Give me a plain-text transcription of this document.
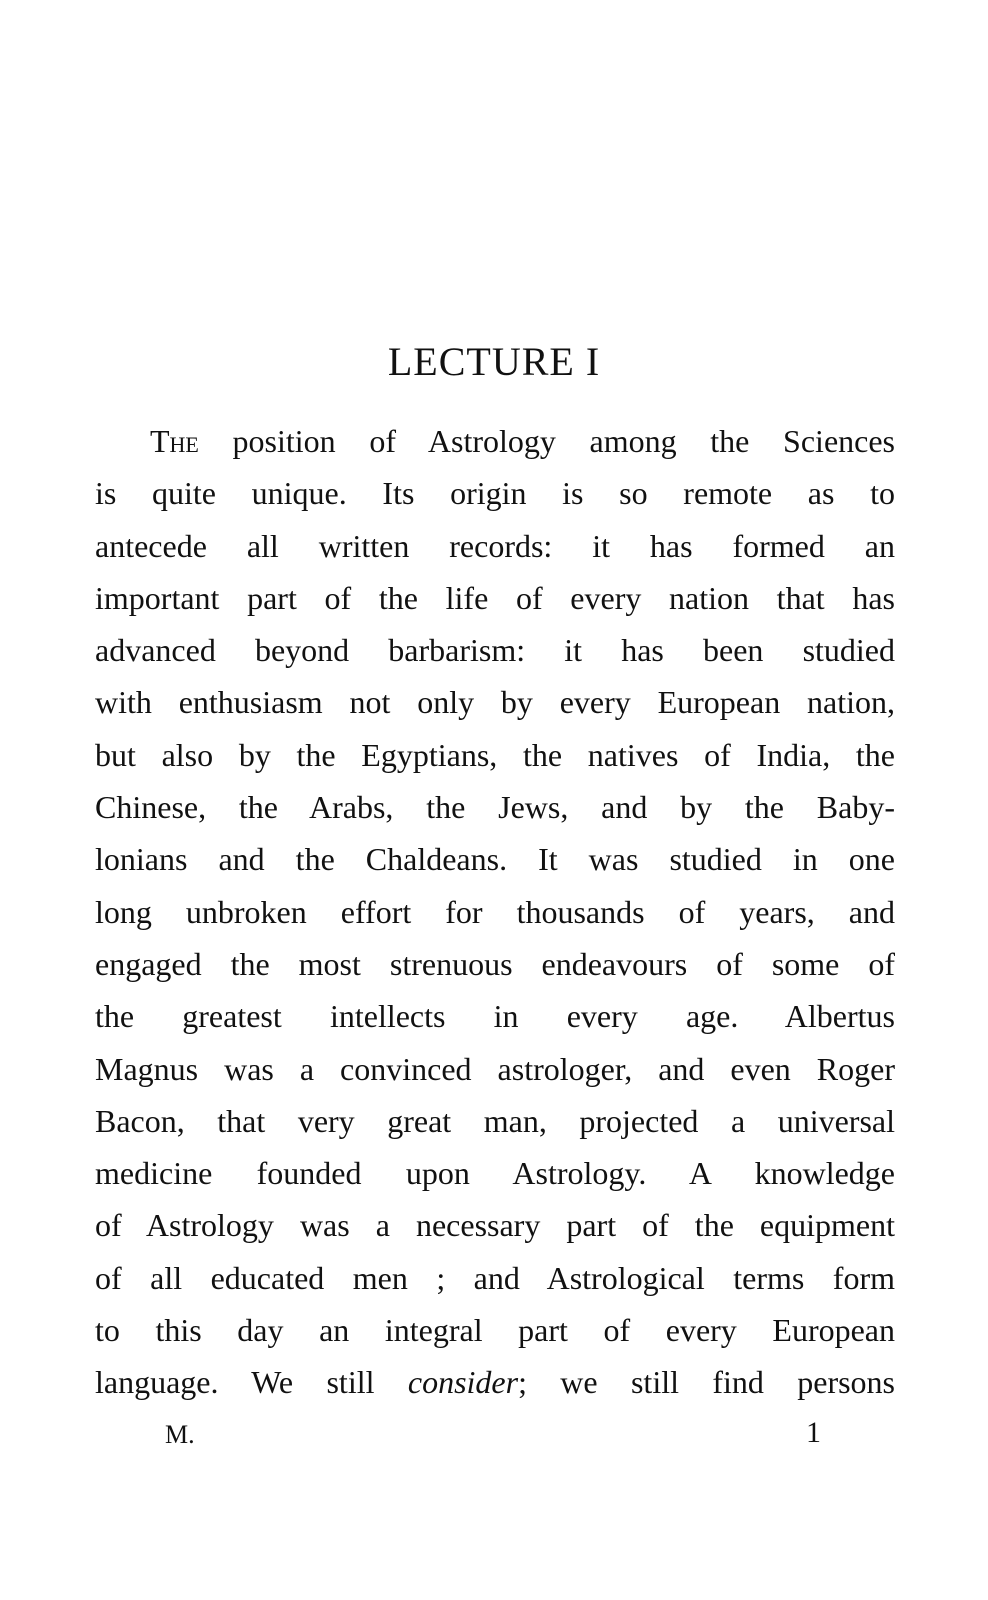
LECTURE I
The position of Astrology among the Sciences
is quite unique. Its origin is so remote as to
antecede all written records: it has formed an
important part of the life of every nation that has
advanced beyond barbarism: it has been studied
with enthusiasm not only by every European nation,
but also by the Egyptians, the natives of India, the
Chinese, the Arabs, the Jews, and by the Baby-
lonians and the Chaldeans. It was studied in one
long unbroken effort for thousands of years, and
engaged the most strenuous endeavours of some of
the greatest intellects in every age. Albertus
Magnus was a convinced astrologer, and even Roger
Bacon, that very great man, projected a universal
medicine founded upon Astrology. A knowledge
of Astrology was a necessary part of the equipment
of all educated men ; and Astrological terms form
to this day an integral part of every European
language. We still consider; we still find persons
M.	1
